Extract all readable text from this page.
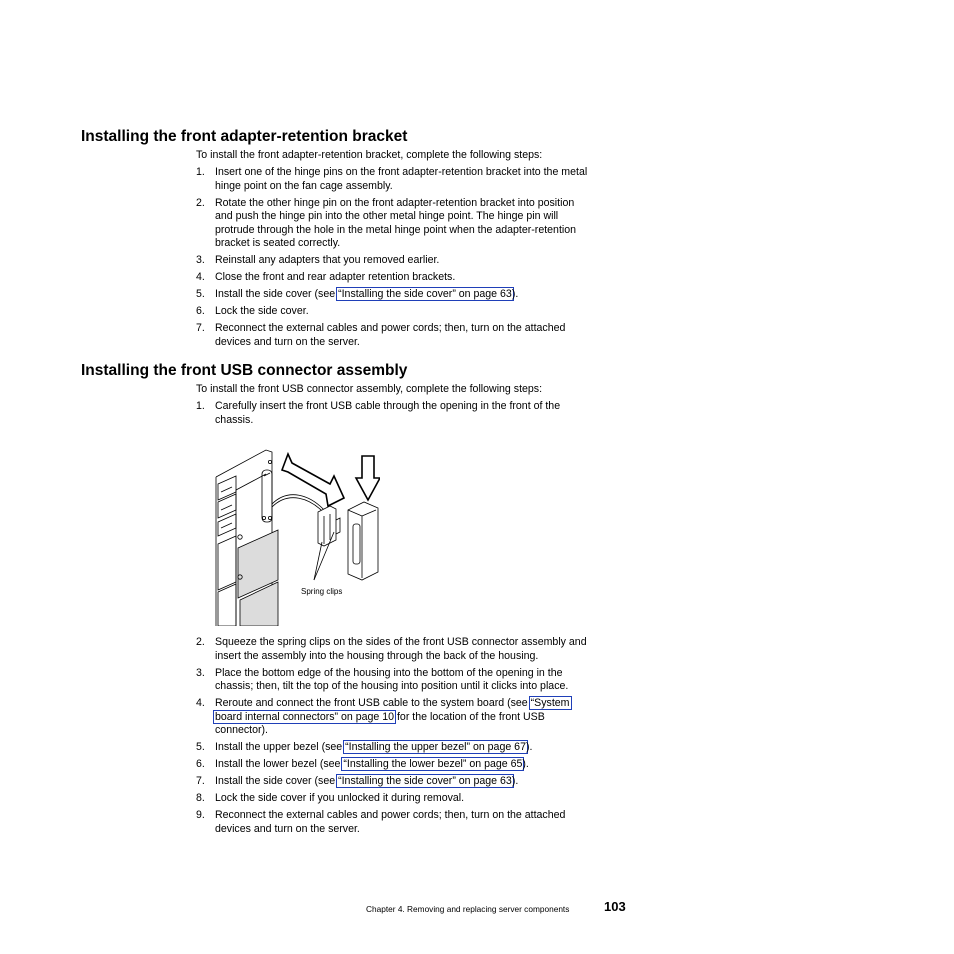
Installing the front adapter-retention bracket
To install the front adapter-retention bracket, complete the following steps:
1. Insert one of the hinge pins on the front adapter-retention bracket into the metal
hinge point on the fan cage assembly.
2. Rotate the other hinge pin on the front adapter-retention bracket into position
and push the hinge pin into the other metal hinge point. The hinge pin will
protrude through the hole in the metal hinge point when the adapter-retention
bracket is seated correctly.
3. Reinstall any adapters that you removed earlier.
4. Close the front and rear adapter retention brackets.
5. Install the side cover (see “Installing the side cover” on page 63).
6. Lock the side cover.
7. Reconnect the external cables and power cords; then, turn on the attached
devices and turn on the server.
Installing the front USB connector assembly
To install the front USB connector assembly, complete the following steps:
1. Carefully insert the front USB cable through the opening in the front of the
chassis.
Spring clips
2. Squeeze the spring clips on the sides of the front USB connector assembly and
insert the assembly into the housing through the back of the housing.
3. Place the bottom edge of the housing into the bottom of the opening in the
chassis; then, tilt the top of the housing into position until it clicks into place.
4. Reroute and connect the front USB cable to the system board (see “System
board internal connectors” on page 10 for the location of the front USB
connector).
5. Install the upper bezel (see “Installing the upper bezel” on page 67).
6. Install the lower bezel (see “Installing the lower bezel” on page 65).
7. Install the side cover (see “Installing the side cover” on page 63).
8. Lock the side cover if you unlocked it during removal.
9. Reconnect the external cables and power cords; then, turn on the attached
devices and turn on the server.
Chapter 4. Removing and replacing server components	103
